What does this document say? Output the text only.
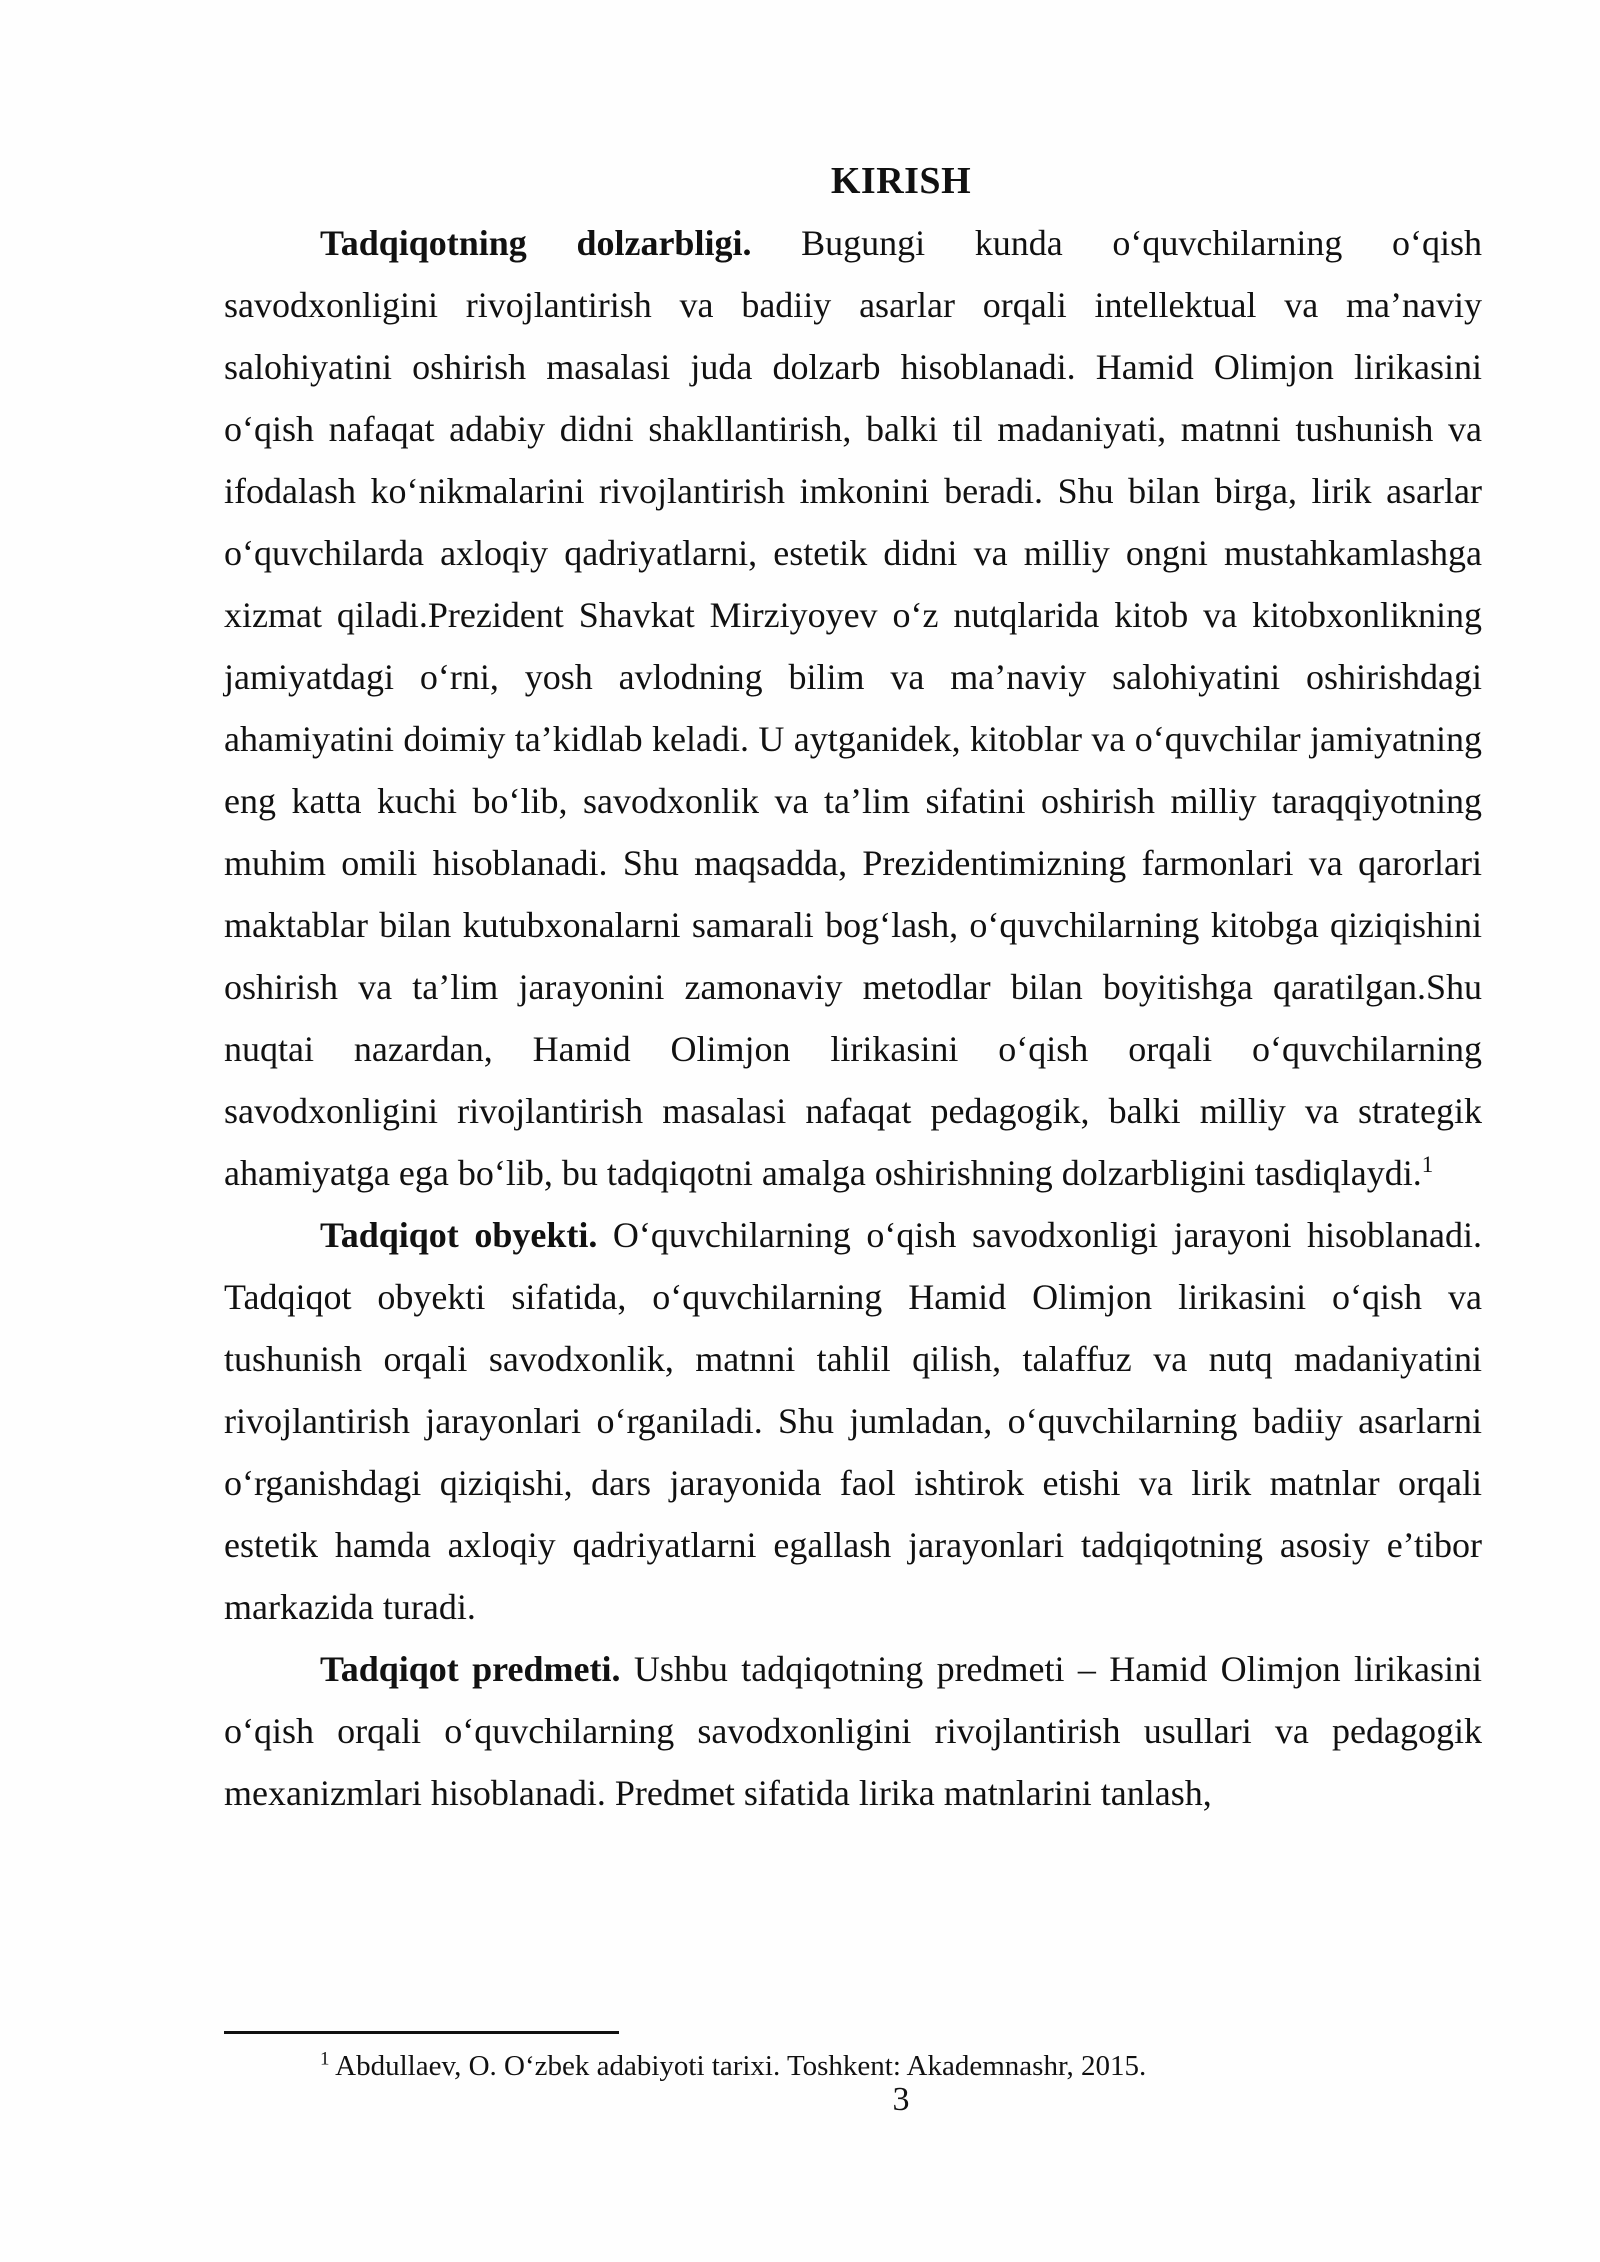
KIRISH

Tadqiqotning dolzarbligi. Bugungi kunda o‘quvchilarning o‘qish savodxonligini rivojlantirish va badiiy asarlar orqali intellektual va ma’naviy salohiyatini oshirish masalasi juda dolzarb hisoblanadi. Hamid Olimjon lirikasini o‘qish nafaqat adabiy didni shakllantirish, balki til madaniyati, matnni tushunish va ifodalash ko‘nikmalarini rivojlantirish imkonini beradi. Shu bilan birga, lirik asarlar o‘quvchilarda axloqiy qadriyatlarni, estetik didni va milliy ongni mustahkamlashga xizmat qiladi.Prezident Shavkat Mirziyoyev o‘z nutqlarida kitob va kitobxonlikning jamiyatdagi o‘rni, yosh avlodning bilim va ma’naviy salohiyatini oshirishdagi ahamiyatini doimiy ta’kidlab keladi. U aytganidek, kitoblar va o‘quvchilar jamiyatning eng katta kuchi bo‘lib, savodxonlik va ta’lim sifatini oshirish milliy taraqqiyotning muhim omili hisoblanadi. Shu maqsadda, Prezidentimizning farmonlari va qarorlari maktablar bilan kutubxonalarni samarali bog‘lash, o‘quvchilarning kitobga qiziqishini oshirish va ta’lim jarayonini zamonaviy metodlar bilan boyitishga qaratilgan.Shu nuqtai nazardan, Hamid Olimjon lirikasini o‘qish orqali o‘quvchilarning savodxonligini rivojlantirish masalasi nafaqat pedagogik, balki milliy va strategik ahamiyatga ega bo‘lib, bu tadqiqotni amalga oshirishning dolzarbligini tasdiqlaydi.$^1$

Tadqiqot obyekti. O‘quvchilarning o‘qish savodxonligi jarayoni hisoblanadi. Tadqiqot obyekti sifatida, o‘quvchilarning Hamid Olimjon lirikasini o‘qish va tushunish orqali savodxonlik, matnni tahlil qilish, talaffuz va nutq madaniyatini rivojlantirish jarayonlari o‘rganiladi. Shu jumladan, o‘quvchilarning badiiy asarlarni o‘rganishdagi qiziqishi, dars jarayonida faol ishtirok etishi va lirik matnlar orqali estetik hamda axloqiy qadriyatlarni egallash jarayonlari tadqiqotning asosiy e’tibor markazida turadi.

Tadqiqot predmeti. Ushbu tadqiqotning predmeti – Hamid Olimjon lirikasini o‘qish orqali o‘quvchilarning savodxonligini rivojlantirish usullari va pedagogik mexanizmlari hisoblanadi. Predmet sifatida lirika matnlarini tanlash,

$^1$ Abdullaev, O. O‘zbek adabiyoti tarixi. Toshkent: Akademnashr, 2015.

3
